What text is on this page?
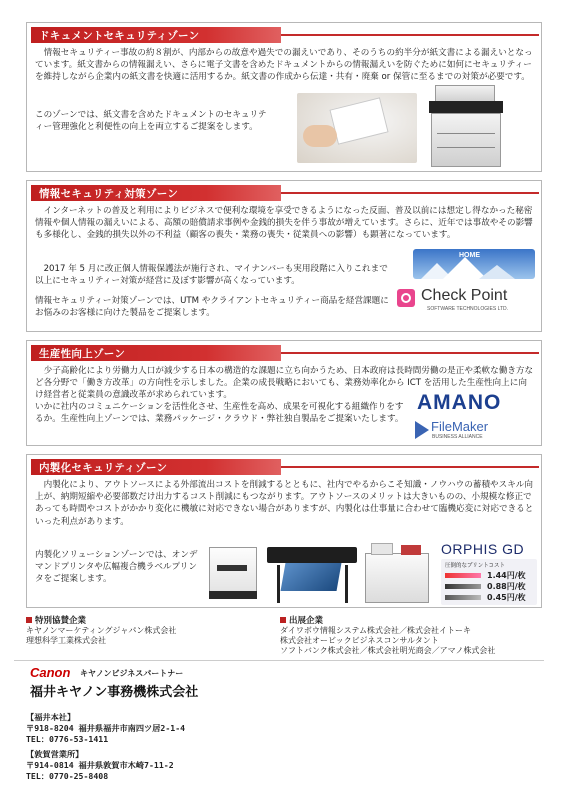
ドキュメントセキュリティゾーン

　情報セキュリティー事故の約８割が、内部からの故意や過失での漏えいであり、そのうちの約半分が紙文書による漏えいとなっています。紙文書からの情報漏えい、さらに電子文書を含めたドキュメントからの情報漏えいを防ぐために如何にセキュリティーを維持しながら企業内の紙文書を快適に活用するか。紙文書の作成から伝達・共有・廃棄 or 保管に至るまでの対策が必要です。

このゾーンでは、紙文書を含めたドキュメントのセキュリティー管理強化と利便性の向上を両立するご提案をします。

情報セキュリティ対策ゾーン

　インターネットの普及と利用によりビジネスで便利な環境を享受できるようになった反面、普及以前には想定し得なかった秘密情報や個人情報の漏えいによる、高額の賠償請求事例や金銭的損失を伴う事故が増えています。さらに、近年では事故やその影響も多様化し、金銭的損失以外の不利益（顧客の喪失・業務の喪失・従業員への影響）も顕著になっています。

　2017 年 5 月に改正個人情報保護法が施行され、マイナンバーも実用段階に入りこれまで以上にセキュリティー対策が経営に及ぼす影響が高くなっています。

情報セキュリティー対策ゾーンでは、UTM やクライアントセキュリティー商品を経営課題にお悩みのお客様に向けた製品をご提案します。

HOME
Check Point
SOFTWARE TECHNOLOGIES LTD.
生産性向上ゾーン

　少子高齢化により労働力人口が減少する日本の構造的な課題に立ち向かうため、日本政府は長時間労働の是正や柔軟な働き方など各分野で「働き方改革」の方向性を示しました。企業の成長戦略においても、業務効率化から ICT を活用した生産性向上に向け経営者と従業員の意識改革が求められています。

いかに社内のコミュニケーションを活性化させ、生産性を高め、成果を可視化する組織作りをするか。生産性向上ゾーンでは、業務パッケージ・クラウド・弊社独自製品をご提案いたします。

AMANO
FileMaker
BUSINESS ALLIANCE
内製化セキュリティゾーン

　内製化により、アウトソースによる外部流出コストを削減するとともに、社内でやるからこそ知識・ノウハウの蓄積やスキル向上が、納期短縮や必要部数だけ出力するコスト削減にもつながります。アウトソースのメリットは大きいものの、小規模な修正であっても時間やコストがかかり変化に機敏に対応できない場合がありますが、内製化は仕事量に合わせて臨機応変に対応できるといった利点があります。

内製化ソリューションゾーンでは、オンデマンドプリンタや広幅複合機ラベルプリンタをご提案します。

ORPHIS GD
圧倒的なプリントコスト
1.44円/枚
0.88円/枚
0.45円/枚
特別協賛企業
キヤノンマーケティングジャパン株式会社
理想科学工業株式会社
出展企業
ダイワボウ情報システム株式会社／株式会社イトーキ
株式会社オービックビジネスコンサルタント
ソフトバンク株式会社／株式会社明光商会／アマノ株式会社
Canon キヤノンビジネスパートナー
福井キヤノン事務機株式会社
【福井本社】
〒918-8204 福井県福井市南四ツ居2-1-4
TEL：0776-53-1411
【敦賀営業所】
〒914-0814 福井県敦賀市木崎7-11-2
TEL：0770-25-8408
